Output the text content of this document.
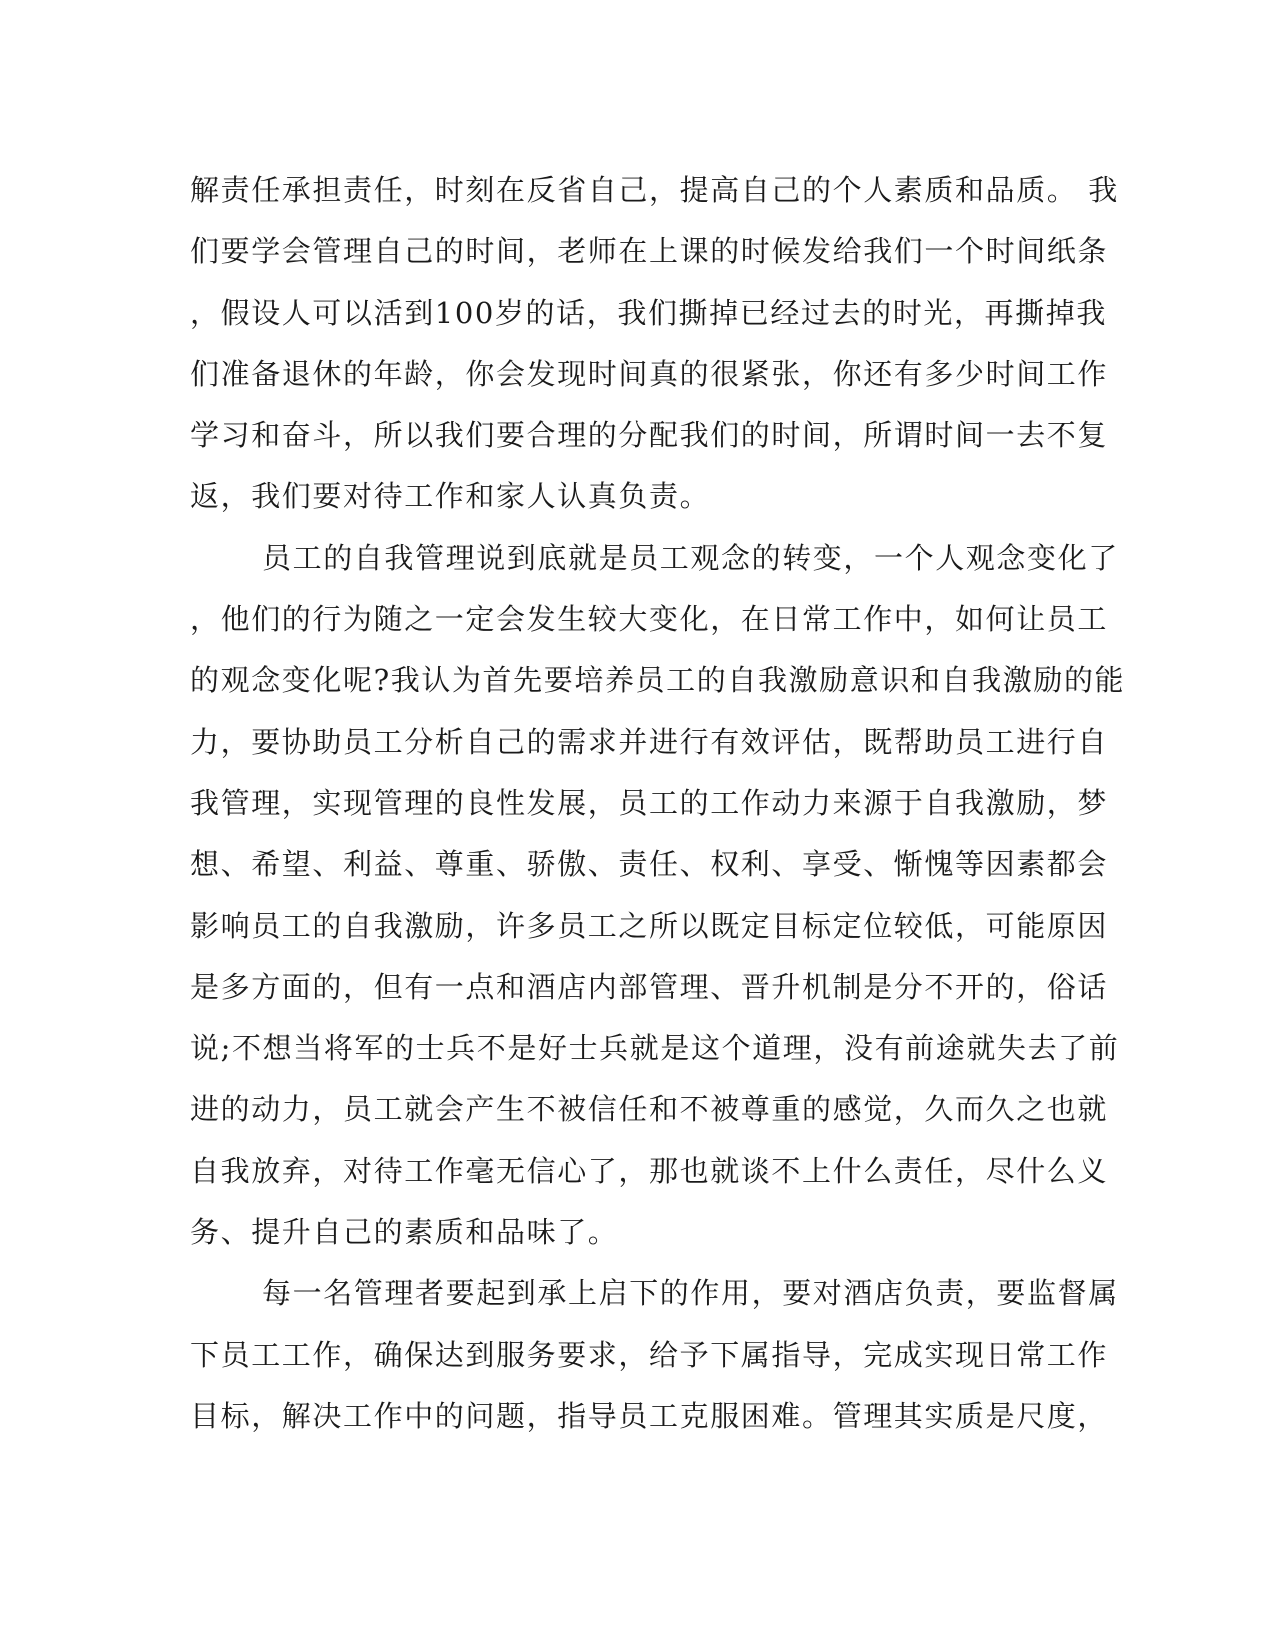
解责任承担责任，时刻在反省自己，提高自己的个人素质和品质。 我
们要学会管理自己的时间，老师在上课的时候发给我们一个时间纸条
，假设人可以活到100岁的话，我们撕掉已经过去的时光，再撕掉我
们准备退休的年龄，你会发现时间真的很紧张，你还有多少时间工作
学习和奋斗，所以我们要合理的分配我们的时间，所谓时间一去不复
返，我们要对待工作和家人认真负责。
员工的自我管理说到底就是员工观念的转变，一个人观念变化了
，他们的行为随之一定会发生较大变化，在日常工作中，如何让员工
的观念变化呢?我认为首先要培养员工的自我激励意识和自我激励的能
力，要协助员工分析自己的需求并进行有效评估，既帮助员工进行自
我管理，实现管理的良性发展，员工的工作动力来源于自我激励，梦
想、希望、利益、尊重、骄傲、责任、权利、享受、惭愧等因素都会
影响员工的自我激励，许多员工之所以既定目标定位较低，可能原因
是多方面的，但有一点和酒店内部管理、晋升机制是分不开的，俗话
说;不想当将军的士兵不是好士兵就是这个道理，没有前途就失去了前
进的动力，员工就会产生不被信任和不被尊重的感觉，久而久之也就
自我放弃，对待工作毫无信心了，那也就谈不上什么责任，尽什么义
务、提升自己的素质和品味了。
每一名管理者要起到承上启下的作用，要对酒店负责，要监督属
下员工工作，确保达到服务要求，给予下属指导，完成实现日常工作
目标，解决工作中的问题，指导员工克服困难。管理其实质是尺度，
